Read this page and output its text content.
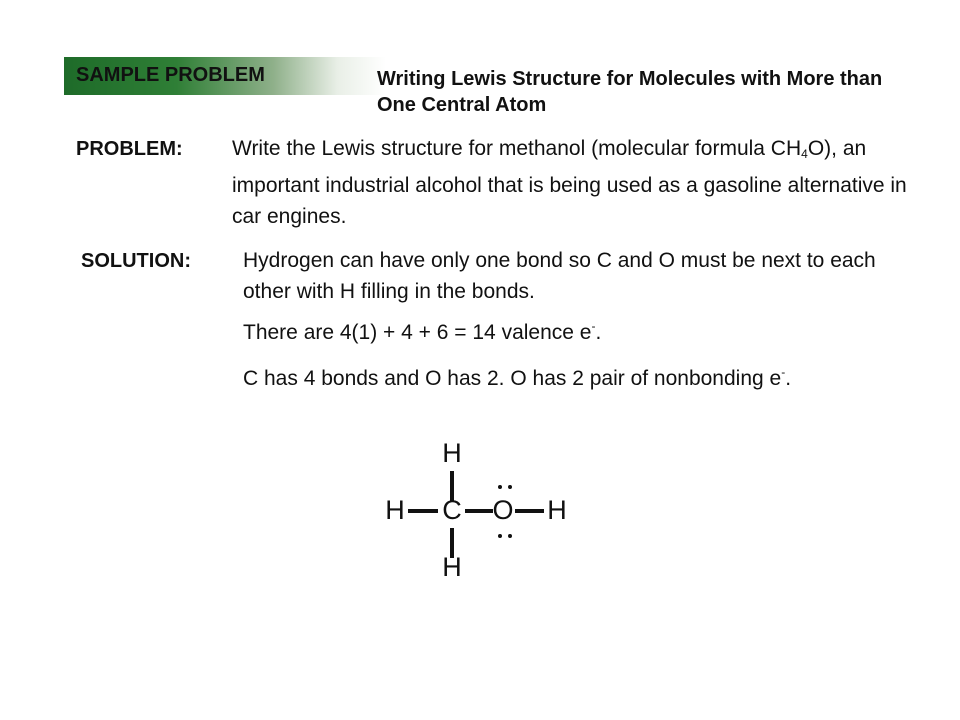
SAMPLE PROBLEM	Writing Lewis Structure for Molecules with More than One Central Atom
PROBLEM: Write the Lewis structure for methanol (molecular formula $CH_4O$), an important industrial alcohol that is being used as a gasoline alternative in car engines.
SOLUTION: Hydrogen can have only one bond so C and O must be next to each other with H filling in the bonds.
There are 4(1) + 4 + 6 = 14 valence e-.
C has 4 bonds and O has 2. O has 2 pair of nonbonding e-.
H
H C O H
H
